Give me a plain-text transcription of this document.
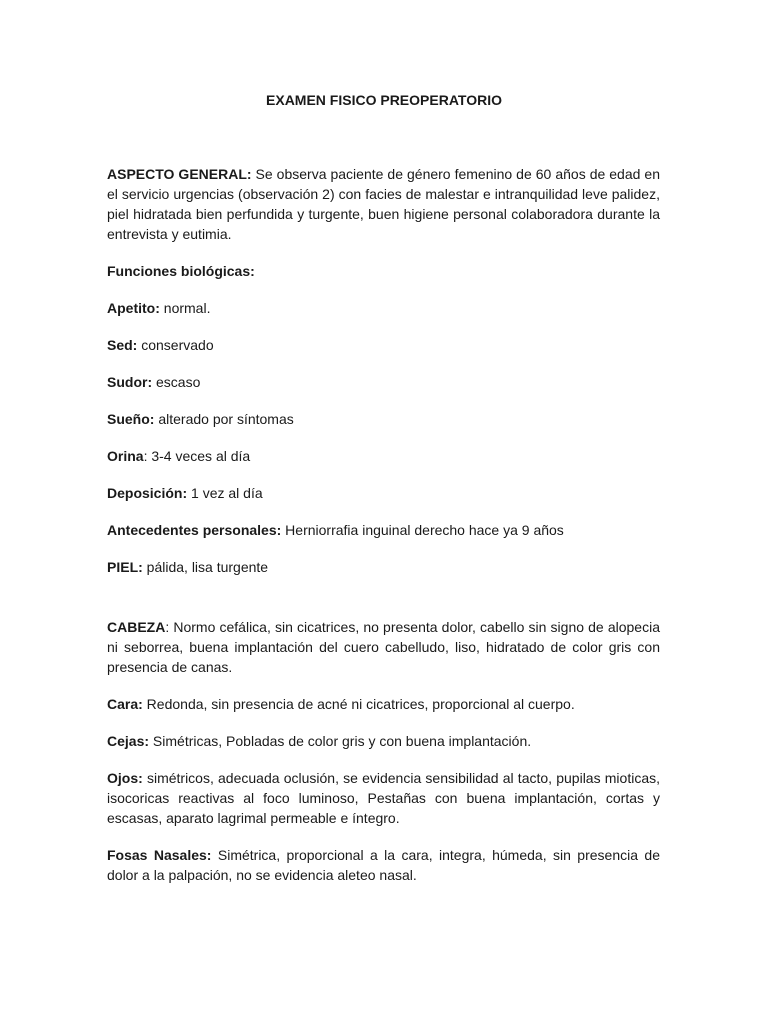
EXAMEN FISICO PREOPERATORIO

ASPECTO GENERAL: Se observa paciente de género femenino de 60 años de edad en el servicio urgencias (observación 2) con facies de malestar e intranquilidad leve palidez, piel hidratada bien perfundida y turgente, buen higiene personal colaboradora durante la entrevista y eutimia.

Funciones biológicas:

Apetito: normal.

Sed: conservado

Sudor: escaso

Sueño: alterado por síntomas

Orina: 3-4 veces al día

Deposición: 1 vez al día

Antecedentes personales: Herniorrafia inguinal derecho hace ya 9 años

PIEL: pálida, lisa turgente

CABEZA: Normo cefálica, sin cicatrices, no presenta dolor, cabello sin signo de alopecia ni seborrea, buena implantación del cuero cabelludo, liso, hidratado de color gris con presencia de canas.

Cara: Redonda, sin presencia de acné ni cicatrices, proporcional al cuerpo.

Cejas: Simétricas, Pobladas de color gris y con buena implantación.

Ojos: simétricos, adecuada oclusión, se evidencia sensibilidad al tacto, pupilas mioticas, isocoricas reactivas al foco luminoso, Pestañas con buena implantación, cortas y escasas, aparato lagrimal permeable e íntegro.

Fosas Nasales: Simétrica, proporcional a la cara, integra, húmeda, sin presencia de dolor a la palpación, no se evidencia aleteo nasal.
